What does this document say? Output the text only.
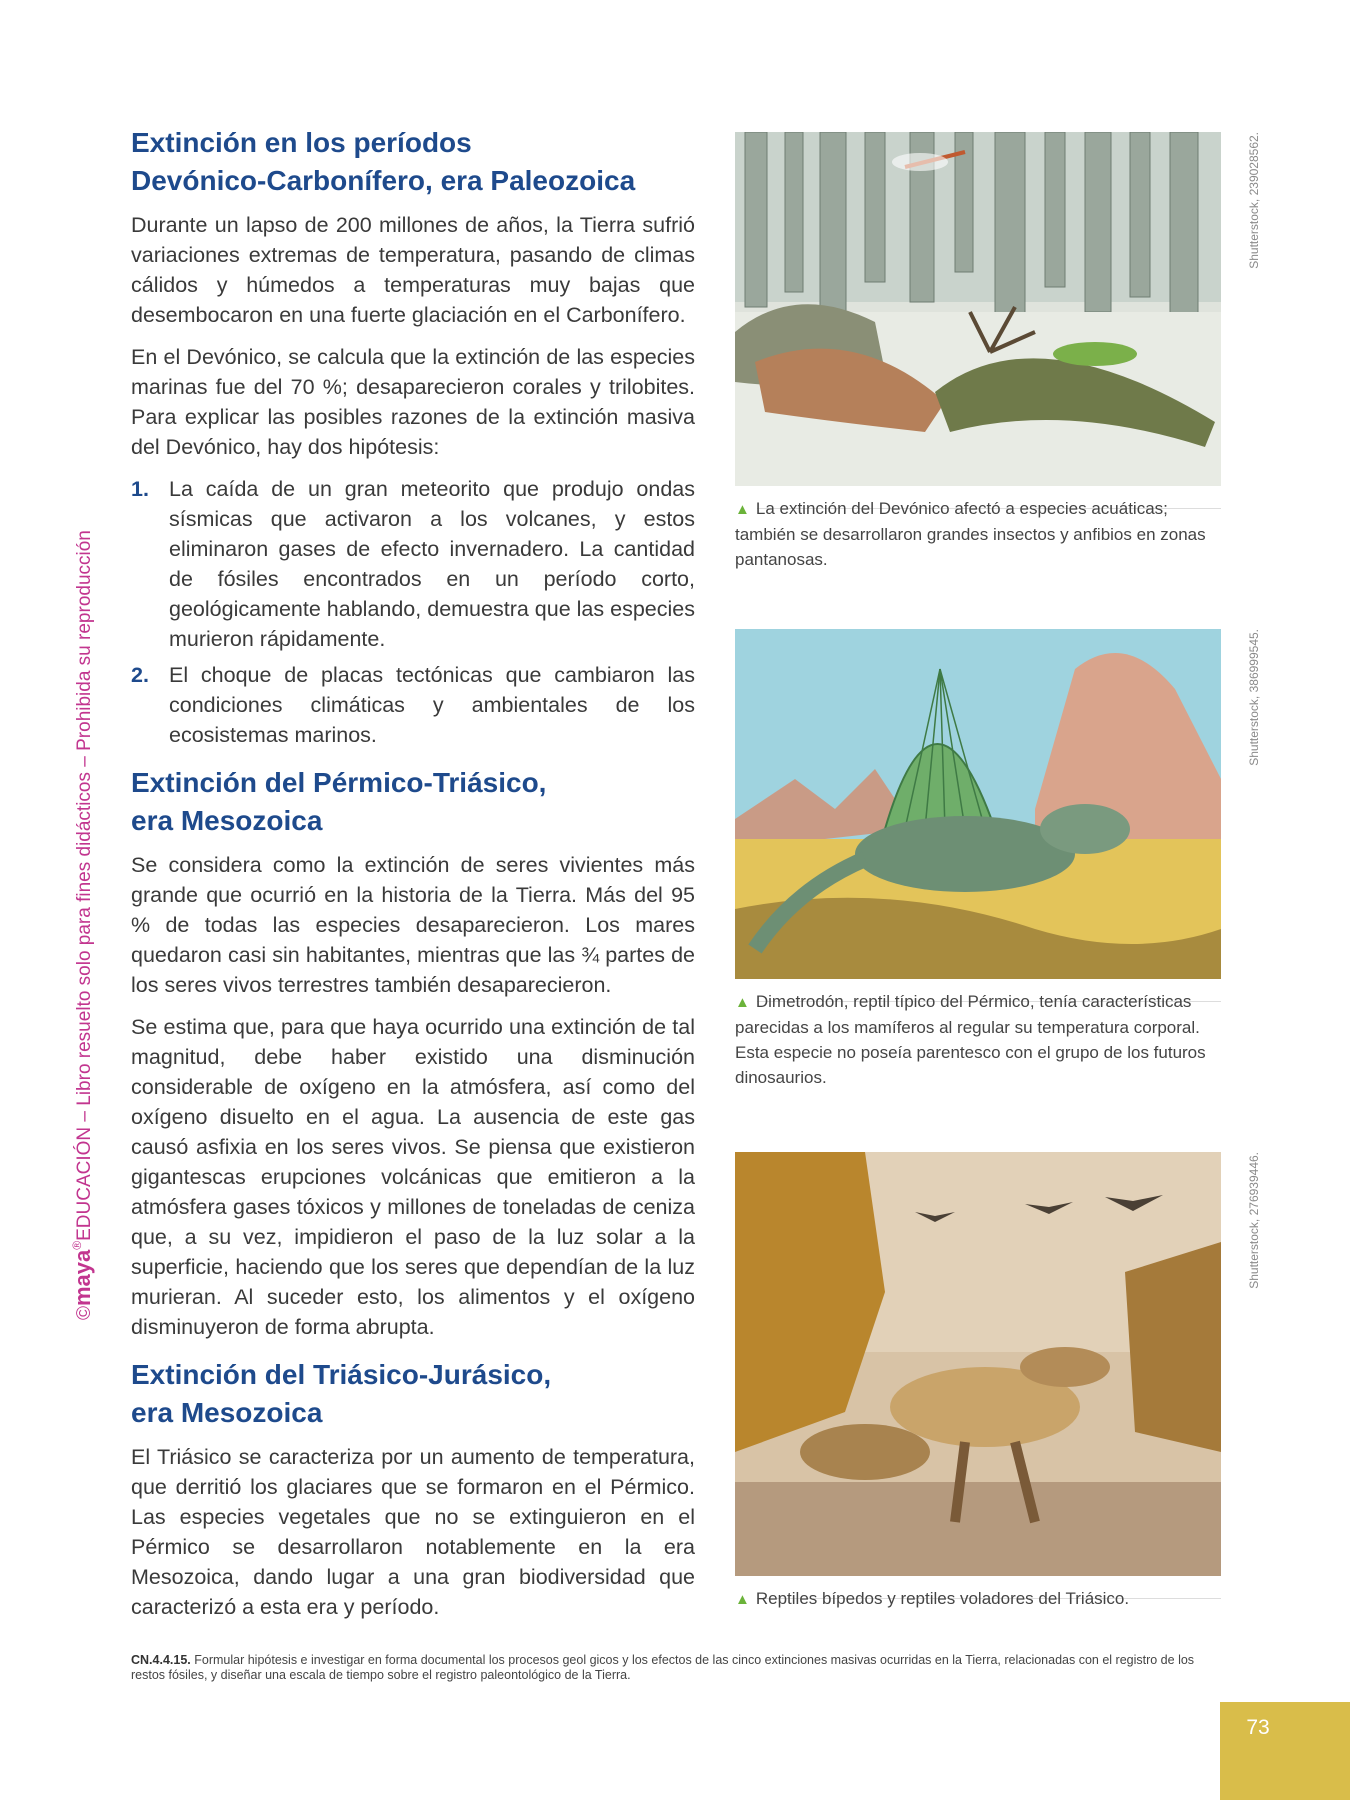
©maya®EDUCACIÓN – Libro resuelto solo para fines didácticos – Prohibida su reproducción
Extinción en los períodos
Devónico-Carbonífero, era Paleozoica

Durante un lapso de 200 millones de años, la Tierra sufrió variaciones extremas de temperatura, pasando de climas cálidos y húmedos a temperaturas muy bajas que desembocaron en una fuerte glaciación en el Carbonífero.

En el Devónico, se calcula que la extinción de las especies marinas fue del 70 %; desaparecieron corales y trilobites. Para explicar las posibles razones de la extinción masiva del Devónico, hay dos hipótesis:

1. La caída de un gran meteorito que produjo ondas sísmicas que activaron a los volcanes, y estos eliminaron gases de efecto invernadero. La cantidad de fósiles encontrados en un período corto, geológicamente hablando, demuestra que las especies murieron rápidamente.
2. El choque de placas tectónicas que cambiaron las condiciones climáticas y ambientales de los ecosistemas marinos.
Extinción del Pérmico-Triásico,
era Mesozoica

Se considera como la extinción de seres vivientes más grande que ocurrió en la historia de la Tierra. Más del 95 % de todas las especies desaparecieron. Los mares quedaron casi sin habitantes, mientras que las ¾ partes de los seres vivos terrestres también desaparecieron.

Se estima que, para que haya ocurrido una extinción de tal magnitud, debe haber existido una disminución considerable de oxígeno en la atmósfera, así como del oxígeno disuelto en el agua. La ausencia de este gas causó asfixia en los seres vivos. Se piensa que existieron gigantescas erupciones volcánicas que emitieron a la atmósfera gases tóxicos y millones de toneladas de ceniza que, a su vez, impidieron el paso de la luz solar a la superficie, haciendo que los seres que dependían de la luz murieran. Al suceder esto, los alimentos y el oxígeno disminuyeron de forma abrupta.

Extinción del Triásico-Jurásico,
era Mesozoica

El Triásico se caracteriza por un aumento de temperatura, que derritió los glaciares que se formaron en el Pérmico. Las especies vegetales que no se extinguieron en el Pérmico se desarrollaron notablemente en la era Mesozoica, dando lugar a una gran biodiversidad que caracterizó a esta era y período.

Shutterstock, 239028562.
▲ La extinción del Devónico afectó a especies acuáticas; también se desarrollaron grandes insectos y anfibios en zonas pantanosas.
Shutterstock, 386999545.
▲ Dimetrodón, reptil típico del Pérmico, tenía características parecidas a los mamíferos al regular su temperatura corporal. Esta especie no poseía parentesco con el grupo de los futuros dinosaurios.
Shutterstock, 276939446.
▲ Reptiles bípedos y reptiles voladores del Triásico.
CN.4.4.15. Formular hipótesis e investigar en forma documental los procesos geol gicos y los efectos de las cinco extinciones masivas ocurridas en la Tierra, relacionadas con el registro de los restos fósiles, y diseñar una escala de tiempo sobre el registro paleontológico de la Tierra.
73
